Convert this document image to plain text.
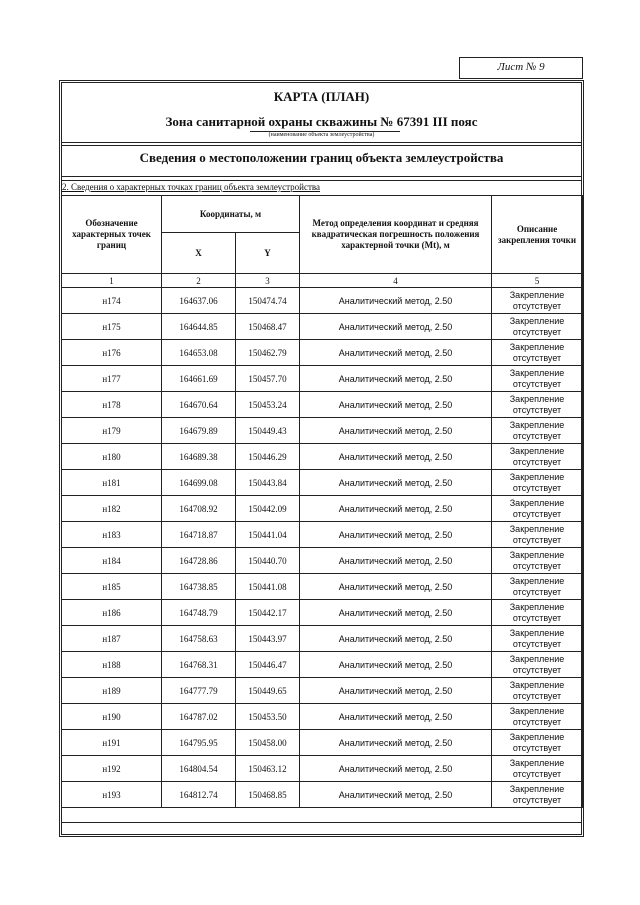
Лист № 9
КАРТА (ПЛАН)
Зона санитарной охраны скважины № 67391 III пояс
(наименование объекта землеустройства)
Сведения о местоположении границ объекта землеустройства
2. Сведения о характерных точках границ объекта землеустройства
Обозначение характерных точек границ	Координаты, м		Метод определения координат и средняя квадратическая погрешность положения характерной точки (Mt), м	Описание закрепления точки
	X	Y		
1	2	3	4	5
н174	164637.06	150474.74	Аналитический метод, 2.50	Закрепление отсутствует
н175	164644.85	150468.47	Аналитический метод, 2.50	Закрепление отсутствует
н176	164653.08	150462.79	Аналитический метод, 2.50	Закрепление отсутствует
н177	164661.69	150457.70	Аналитический метод, 2.50	Закрепление отсутствует
н178	164670.64	150453.24	Аналитический метод, 2.50	Закрепление отсутствует
н179	164679.89	150449.43	Аналитический метод, 2.50	Закрепление отсутствует
н180	164689.38	150446.29	Аналитический метод, 2.50	Закрепление отсутствует
н181	164699.08	150443.84	Аналитический метод, 2.50	Закрепление отсутствует
н182	164708.92	150442.09	Аналитический метод, 2.50	Закрепление отсутствует
н183	164718.87	150441.04	Аналитический метод, 2.50	Закрепление отсутствует
н184	164728.86	150440.70	Аналитический метод, 2.50	Закрепление отсутствует
н185	164738.85	150441.08	Аналитический метод, 2.50	Закрепление отсутствует
н186	164748.79	150442.17	Аналитический метод, 2.50	Закрепление отсутствует
н187	164758.63	150443.97	Аналитический метод, 2.50	Закрепление отсутствует
н188	164768.31	150446.47	Аналитический метод, 2.50	Закрепление отсутствует
н189	164777.79	150449.65	Аналитический метод, 2.50	Закрепление отсутствует
н190	164787.02	150453.50	Аналитический метод, 2.50	Закрепление отсутствует
н191	164795.95	150458.00	Аналитический метод, 2.50	Закрепление отсутствует
н192	164804.54	150463.12	Аналитический метод, 2.50	Закрепление отсутствует
н193	164812.74	150468.85	Аналитический метод, 2.50	Закрепление отсутствует
